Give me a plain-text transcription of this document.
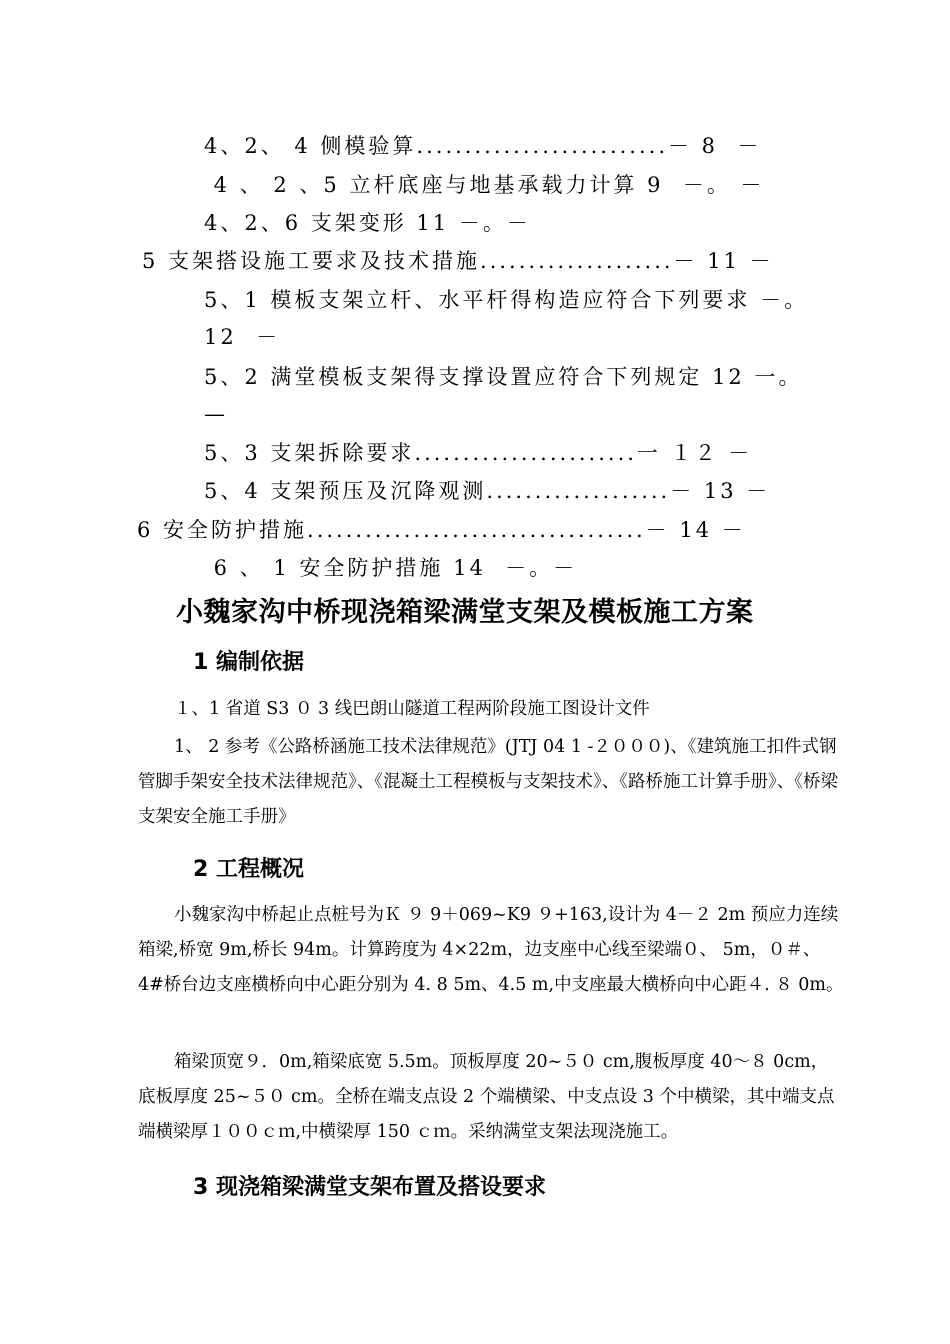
4、2、 4 侧模验算..........................－ 8  －
4 、 2 、5 立杆底座与地基承载力计算 9  －。 －
4、2、6 支架变形 11 －。－
5 支架搭设施工要求及技术措施....................－ 11 －
5、1 模板支架立杆、水平杆得构造应符合下列要求 －。
12  －
5、2 满堂模板支架得支撑设置应符合下列规定 12 一。
—
5、3 支架拆除要求.......................一 １２ －
5、4 支架预压及沉降观测...................－ 13 －
6 安全防护措施...................................－ 14 －
6 、 1 安全防护措施 14  －。－
小魏家沟中桥现浇箱梁满堂支架及模板施工方案
1 编制依据
１、1 省道 S3 ０ 3 线巴朗山隧道工程两阶段施工图设计文件
1、 2 参考《公路桥涵施工技术法律规范》(JTJ 04 1 -２０００)、《建筑施工扣件式钢管脚手架安全技术法律规范》、《混凝土工程模板与支架技术》、《路桥施工计算手册》、《桥梁支架安全施工手册》
2 工程概况
小魏家沟中桥起止点桩号为Ｋ ９ 9＋069~K9 ９+163,设计为 4－２ 2m 预应力连续箱梁,桥宽 9m,桥长 94m。计算跨度为 4×22m，边支座中心线至梁端０、 5m，０＃、4#桥台边支座横桥向中心距分别为 4. 8 5m、4.5 m,中支座最大横桥向中心距４. ８ 0m。
箱梁顶宽９．0m,箱梁底宽 5.5m。顶板厚度 20~５０ cm,腹板厚度 40～８ 0cm，底板厚度 25~５０ cm。全桥在端支点设 2 个端横梁、中支点设 3 个中横梁，其中端支点端横梁厚１００ｃｍ,中横梁厚 150 ｃｍ。采纳满堂支架法现浇施工。
3 现浇箱梁满堂支架布置及搭设要求
